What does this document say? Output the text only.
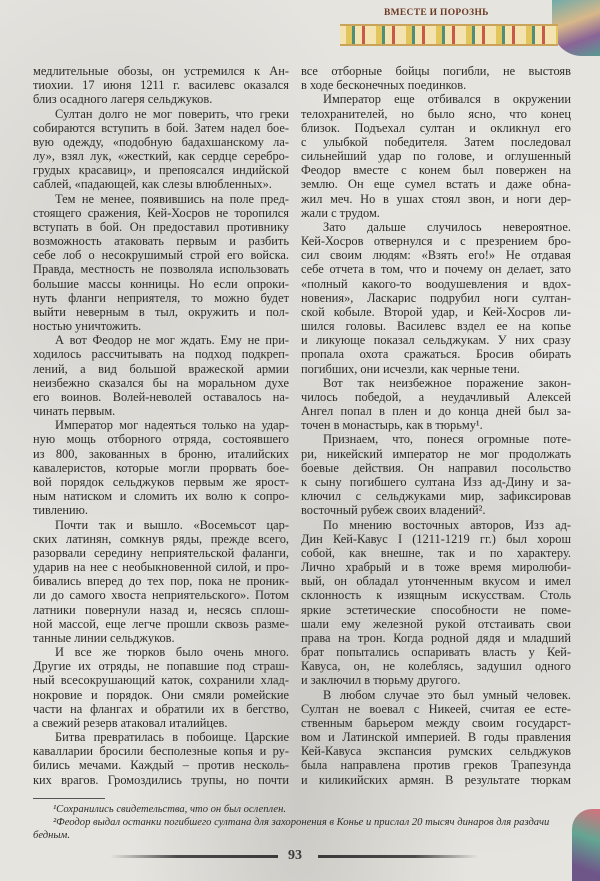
ВМЕСТЕ И ПОРОЗНЬ
медлительные обозы, он устремился к Ан-
тиохии. 17 июня 1211 г. василевс оказался
близ осадного лагеря сельджуков.
Султан долго не мог поверить, что греки
собираются вступить в бой. Затем надел бое-
вую одежду, «подобную бадахшанскому ла-
лу», взял лук, «жесткий, как сердце серебро-
грудых красавиц», и препоясался индийской
саблей, «падающей, как слезы влюбленных».
Тем не менее, появившись на поле пред-
стоящего сражения, Кей-Хосров не торопился
вступать в бой. Он предоставил противнику
возможность атаковать первым и разбить
себе лоб о несокрушимый строй его войска.
Правда, местность не позволяла использовать
большие массы конницы. Но если опроки-
нуть фланги неприятеля, то можно будет
выйти неверным в тыл, окружить и пол-
ностью уничтожить.
А вот Феодор не мог ждать. Ему не при-
ходилось рассчитывать на подход подкреп-
лений, а вид большой вражеской армии
неизбежно сказался бы на моральном духе
его воинов. Волей-неволей оставалось на-
чинать первым.
Император мог надеяться только на удар-
ную мощь отборного отряда, состоявшего
из 800, закованных в броню, италийских
кавалеристов, которые могли прорвать бое-
вой порядок сельджуков первым же ярост-
ным натиском и сломить их волю к сопро-
тивлению.
Почти так и вышло. «Восемьсот цар-
ских латинян, сомкнув ряды, прежде всего,
разорвали середину неприятельской фаланги,
ударив на нее с необыкновенной силой, и про-
бивались вперед до тех пор, пока не проник-
ли до самого хвоста неприятельского». Потом
латники повернули назад и, несясь сплош-
ной массой, еще легче прошли сквозь разме-
танные линии сельджуков.
И все же тюрков было очень много.
Другие их отряды, не попавшие под страш-
ный всесокрушающий каток, сохранили хлад-
нокровие и порядок. Они смяли ромейские
части на флангах и обратили их в бегство,
а свежий резерв атаковал италийцев.
Битва превратилась в побоище. Царские
кавалларии бросили бесполезные копья и ру-
бились мечами. Каждый – против несколь-
ких врагов. Громоздились трупы, но почти
все отборные бойцы погибли, не выстояв
в ходе бесконечных поединков.
Император еще отбивался в окружении
телохранителей, но было ясно, что конец
близок. Подъехал султан и окликнул его
с улыбкой победителя. Затем последовал
сильнейший удар по голове, и оглушенный
Феодор вместе с конем был повержен на
землю. Он еще сумел встать и даже обна-
жил меч. Но в ушах стоял звон, и ноги дер-
жали с трудом.
Зато дальше случилось невероятное.
Кей-Хосров отвернулся и с презрением бро-
сил своим людям: «Взять его!» Не отдавая
себе отчета в том, что и почему он делает, зато
«полный какого-то воодушевления и вдох-
новения», Ласкарис подрубил ноги султан-
ской кобыле. Второй удар, и Кей-Хосров ли-
шился головы. Василевс вздел ее на копье
и ликующе показал сельджукам. У них сразу
пропала охота сражаться. Бросив обирать
погибших, они исчезли, как черные тени.
Вот так неизбежное поражение закон-
чилось победой, а неудачливый Алексей
Ангел попал в плен и до конца дней был за-
точен в монастырь, как в тюрьму¹.
Признаем, что, понеся огромные поте-
ри, никейский император не мог продолжать
боевые действия. Он направил посольство
к сыну погибшего султана Изз ад-Дину и за-
ключил с сельджуками мир, зафиксировав
восточный рубеж своих владений².
По мнению восточных авторов, Изз ад-
Дин Кей-Кавус I (1211-1219 гг.) был хорош
собой, как внешне, так и по характеру.
Лично храбрый и в тоже время миролюби-
вый, он обладал утонченным вкусом и имел
склонность к изящным искусствам. Столь
яркие эстетические способности не поме-
шали ему железной рукой отстаивать свои
права на трон. Когда родной дядя и младший
брат попытались оспаривать власть у Кей-
Кавуса, он, не колеблясь, задушил одного
и заключил в тюрьму другого.
В любом случае это был умный человек.
Султан не воевал с Никеей, считая ее есте-
ственным барьером между своим государст-
вом и Латинской империей. В годы правления
Кей-Кавуса экспансия румских сельджуков
была направлена против греков Трапезунда
и киликийских армян. В результате тюркам
¹Сохранились свидетельства, что он был ослеплен.
²Феодор выдал останки погибшего султана для захоронения в Конье и прислал 20 тысяч динаров для раздачи бедным.
93
